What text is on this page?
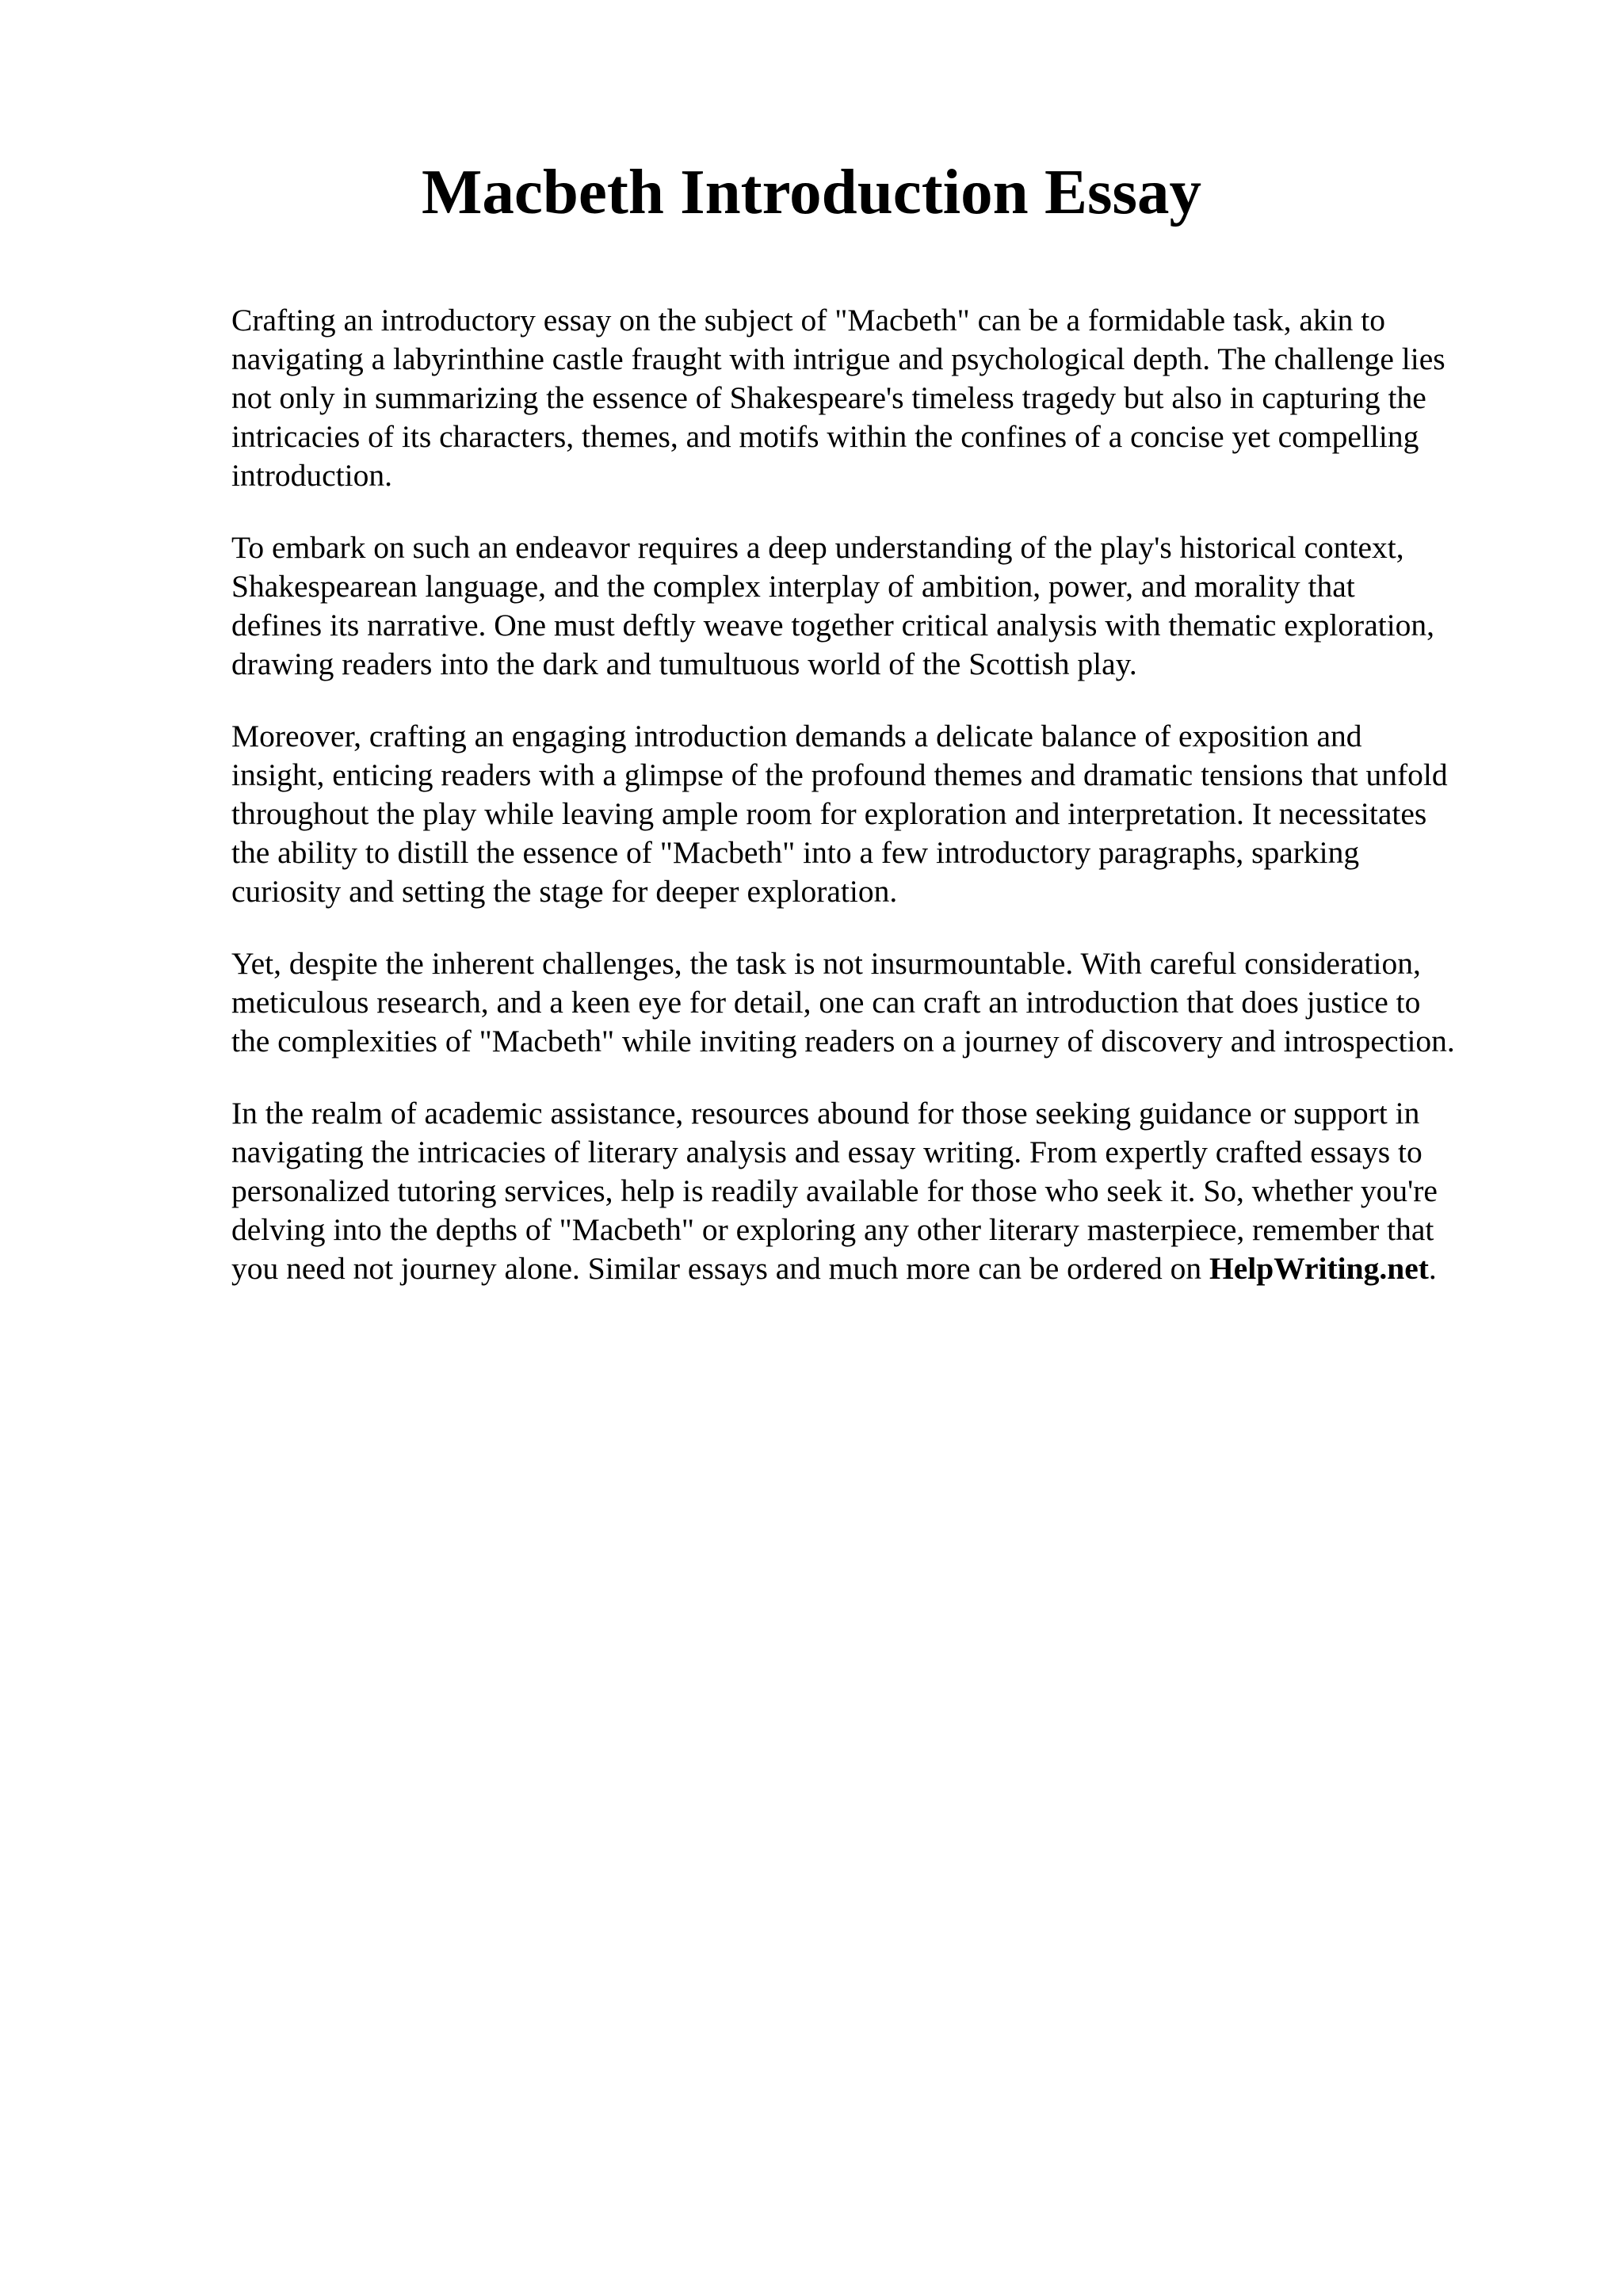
Macbeth Introduction Essay

Crafting an introductory essay on the subject of "Macbeth" can be a formidable task, akin to
navigating a labyrinthine castle fraught with intrigue and psychological depth. The challenge lies
not only in summarizing the essence of Shakespeare's timeless tragedy but also in capturing the
intricacies of its characters, themes, and motifs within the confines of a concise yet compelling
introduction.

To embark on such an endeavor requires a deep understanding of the play's historical context,
Shakespearean language, and the complex interplay of ambition, power, and morality that
defines its narrative. One must deftly weave together critical analysis with thematic exploration,
drawing readers into the dark and tumultuous world of the Scottish play.

Moreover, crafting an engaging introduction demands a delicate balance of exposition and
insight, enticing readers with a glimpse of the profound themes and dramatic tensions that unfold
throughout the play while leaving ample room for exploration and interpretation. It necessitates
the ability to distill the essence of "Macbeth" into a few introductory paragraphs, sparking
curiosity and setting the stage for deeper exploration.

Yet, despite the inherent challenges, the task is not insurmountable. With careful consideration,
meticulous research, and a keen eye for detail, one can craft an introduction that does justice to
the complexities of "Macbeth" while inviting readers on a journey of discovery and introspection.

In the realm of academic assistance, resources abound for those seeking guidance or support in
navigating the intricacies of literary analysis and essay writing. From expertly crafted essays to
personalized tutoring services, help is readily available for those who seek it. So, whether you're
delving into the depths of "Macbeth" or exploring any other literary masterpiece, remember that
you need not journey alone. Similar essays and much more can be ordered on HelpWriting.net.
